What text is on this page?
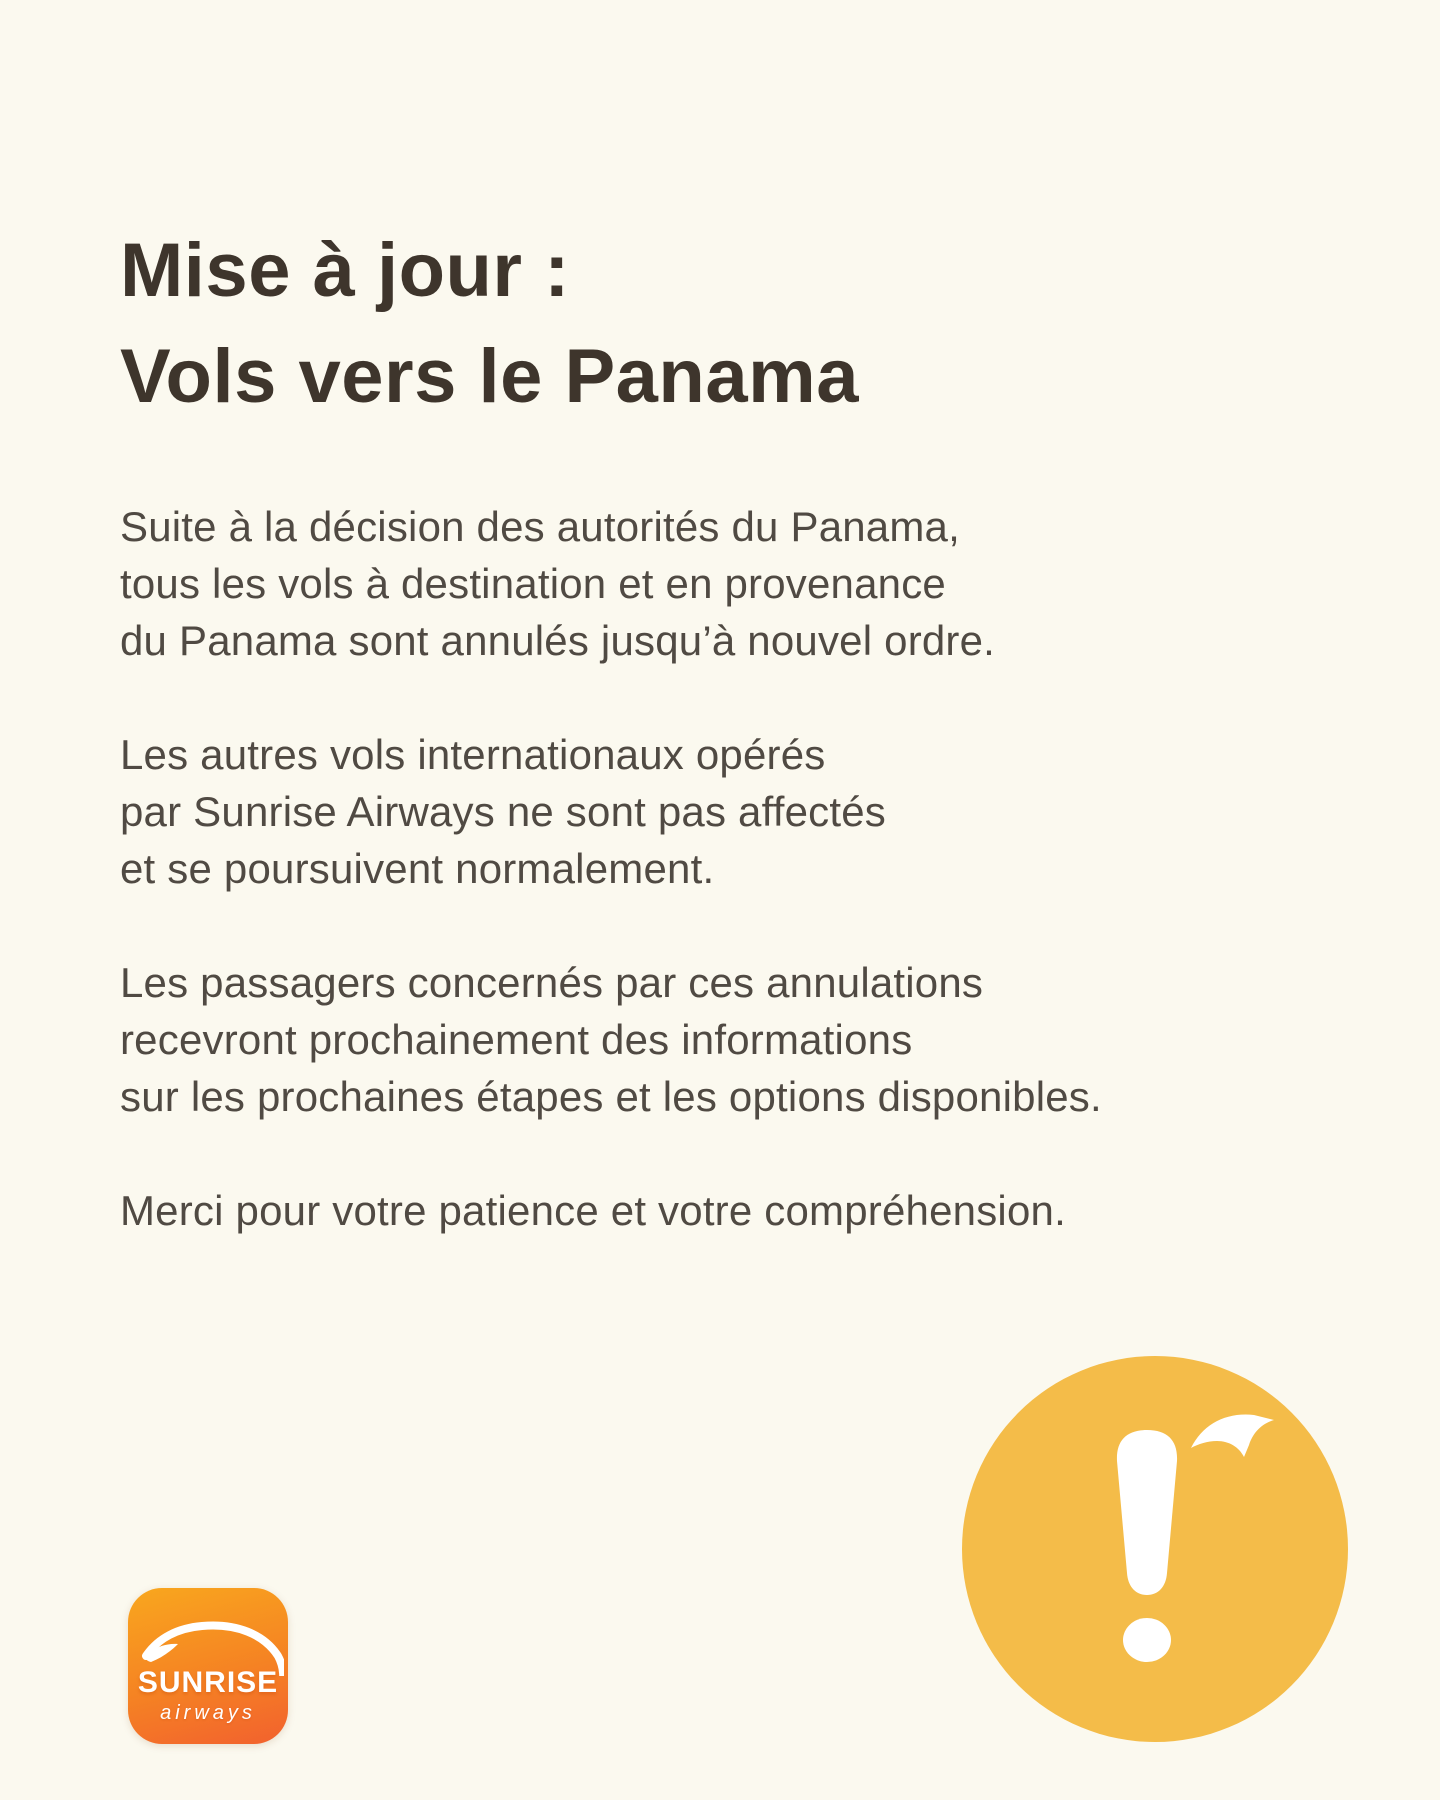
Mise à jour :
Vols vers le Panama
Suite à la décision des autorités du Panama,
tous les vols à destination et en provenance
du Panama sont annulés jusqu’à nouvel ordre.
Les autres vols internationaux opérés
par Sunrise Airways ne sont pas affectés
et se poursuivent normalement.
Les passagers concernés par ces annulations
recevront prochainement des informations
sur les prochaines étapes et les options disponibles.
Merci pour votre patience et votre compréhension.
SUNRISE
airways
